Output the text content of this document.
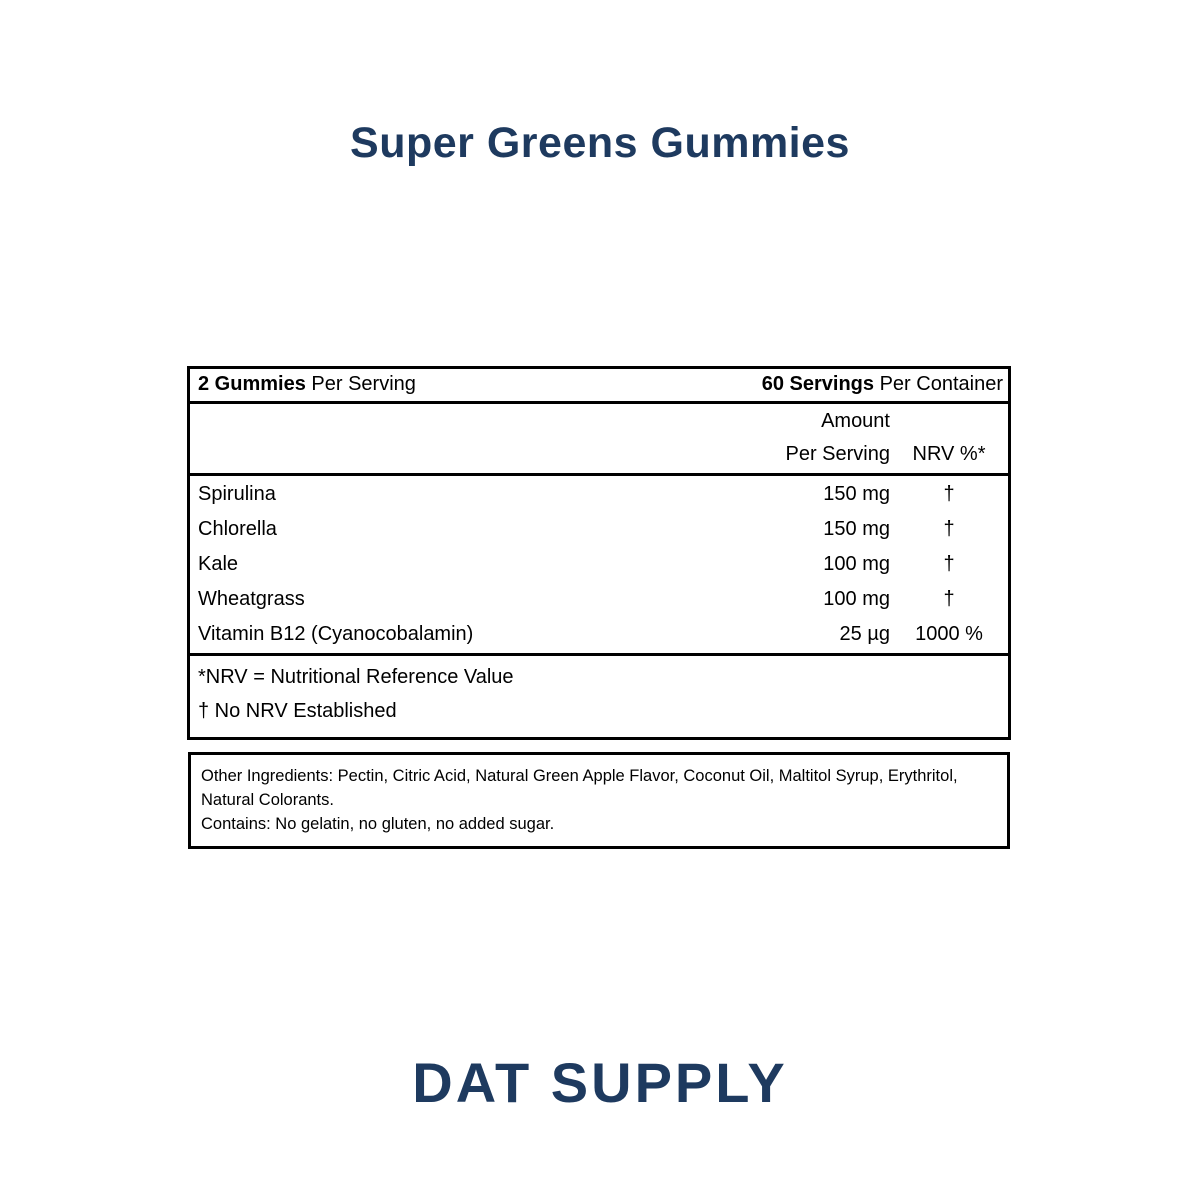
Super Greens Gummies
2 Gummies Per Serving	60 Servings Per Container
Amount
Per Serving	NRV %*
Spirulina	150 mg	†
Chlorella	150 mg	†
Kale	100 mg	†
Wheatgrass	100 mg	†
Vitamin B12 (Cyanocobalamin)	25 µg	1000 %
*NRV = Nutritional Reference Value
† No NRV Established
Other Ingredients: Pectin, Citric Acid, Natural Green Apple Flavor, Coconut Oil, Maltitol Syrup, Erythritol, Natural Colorants.
Contains: No gelatin, no gluten, no added sugar.
DAT SUPPLY
